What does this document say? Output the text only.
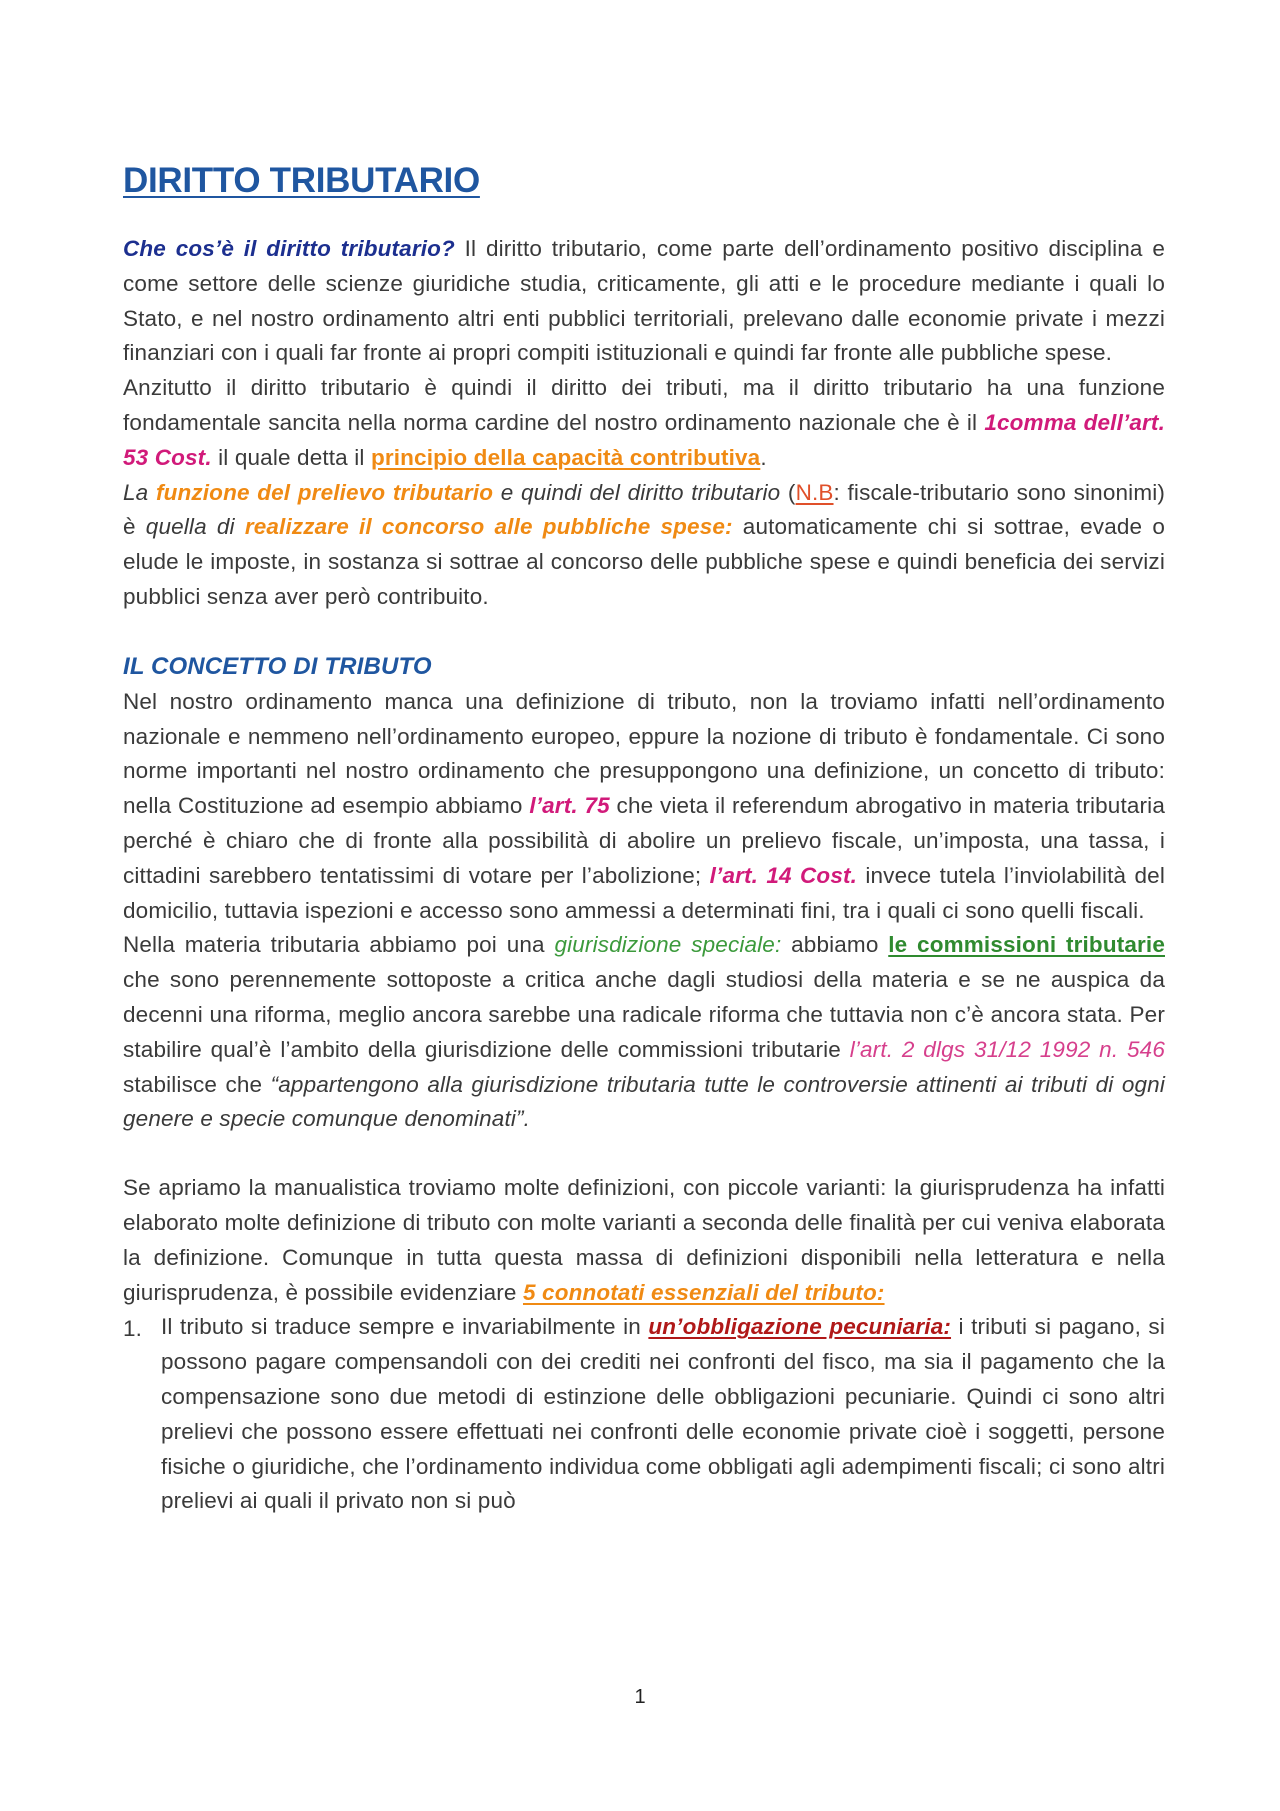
DIRITTO TRIBUTARIO

Che cos’è il diritto tributario? Il diritto tributario, come parte dell’ordinamento positivo disciplina e come settore delle scienze giuridiche studia, criticamente, gli atti e le procedure mediante i quali lo Stato, e nel nostro ordinamento altri enti pubblici territoriali, prelevano dalle economie private i mezzi finanziari con i quali far fronte ai propri compiti istituzionali e quindi far fronte alle pubbliche spese.

Anzitutto il diritto tributario è quindi il diritto dei tributi, ma il diritto tributario ha una funzione fondamentale sancita nella norma cardine del nostro ordinamento nazionale che è il 1comma dell’art. 53 Cost. il quale detta il principio della capacità contributiva.

La funzione del prelievo tributario e quindi del diritto tributario (N.B: fiscale-tributario sono sinonimi) è quella di realizzare il concorso alle pubbliche spese: automaticamente chi si sottrae, evade o elude le imposte, in sostanza si sottrae al concorso delle pubbliche spese e quindi beneficia dei servizi pubblici senza aver però contribuito.

IL CONCETTO DI TRIBUTO

Nel nostro ordinamento manca una definizione di tributo, non la troviamo infatti nell’ordinamento nazionale e nemmeno nell’ordinamento europeo, eppure la nozione di tributo è fondamentale. Ci sono norme importanti nel nostro ordinamento che presuppongono una definizione, un concetto di tributo: nella Costituzione ad esempio abbiamo l’art. 75 che vieta il referendum abrogativo in materia tributaria perché è chiaro che di fronte alla possibilità di abolire un prelievo fiscale, un’imposta, una tassa, i cittadini sarebbero tentatissimi di votare per l’abolizione; l’art. 14 Cost. invece tutela l’inviolabilità del domicilio, tuttavia ispezioni e accesso sono ammessi a determinati fini, tra i quali ci sono quelli fiscali.

Nella materia tributaria abbiamo poi una giurisdizione speciale: abbiamo le commissioni tributarie che sono perennemente sottoposte a critica anche dagli studiosi della materia e se ne auspica da decenni una riforma, meglio ancora sarebbe una radicale riforma che tuttavia non c’è ancora stata. Per stabilire qual’è l’ambito della giurisdizione delle commissioni tributarie l’art. 2 dlgs 31/12 1992 n. 546 stabilisce che “appartengono alla giurisdizione tributaria tutte le controversie attinenti ai tributi di ogni genere e specie comunque denominati”.

Se apriamo la manualistica troviamo molte definizioni, con piccole varianti: la giurisprudenza ha infatti elaborato molte definizione di tributo con molte varianti a seconda delle finalità per cui veniva elaborata la definizione. Comunque in tutta questa massa di definizioni disponibili nella letteratura e nella giurisprudenza, è possibile evidenziare 5 connotati essenziali del tributo:

1. Il tributo si traduce sempre e invariabilmente in un’obbligazione pecuniaria: i tributi si pagano, si possono pagare compensandoli con dei crediti nei confronti del fisco, ma sia il pagamento che la compensazione sono due metodi di estinzione delle obbligazioni pecuniarie. Quindi ci sono altri prelievi che possono essere effettuati nei confronti delle economie private cioè i soggetti, persone fisiche o giuridiche, che l’ordinamento individua come obbligati agli adempimenti fiscali; ci sono altri prelievi ai quali il privato non si può
1
